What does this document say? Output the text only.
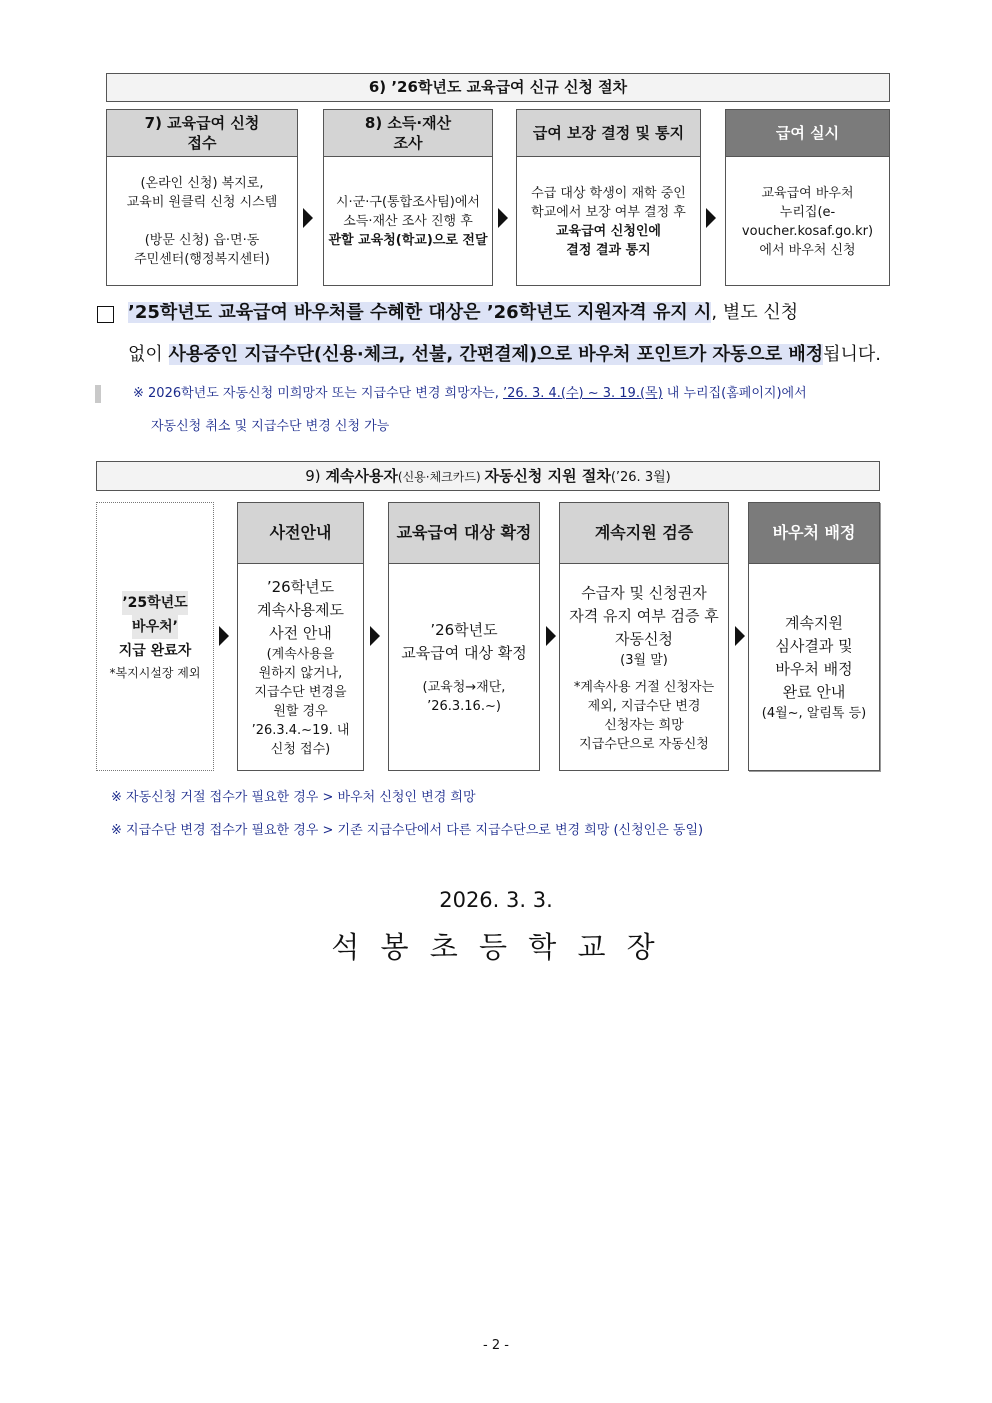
6) ’26학년도 교육급여 신규 신청 절차
7) 교육급여 신청
접수
(온라인 신청) 복지로,
교육비 원클릭 신청 시스템
(방문 신청) 읍·면·동
주민센터(행정복지센터)
8) 소득·재산
조사
시·군·구(통합조사팀)에서
소득·재산 조사 진행 후
관할 교육청(학교)으로 전달
급여 보장 결정 및 통지
수급 대상 학생이 재학 중인
학교에서 보장 여부 결정 후
교육급여 신청인에
결정 결과 통지
급여 실시
교육급여 바우처
누리집(e-voucher.kosaf.go.kr)
에서 바우처 신청
’25학년도 교육급여 바우처를 수혜한 대상은 ’26학년도 지원자격 유지 시, 별도 신청
없이 사용중인 지급수단(신용·체크, 선불, 간편결제)으로 바우처 포인트가 자동으로 배정됩니다.
※ 2026학년도 자동신청 미희망자 또는 지급수단 변경 희망자는, ’26. 3. 4.(수) ~ 3. 19.(목) 내 누리집(홈페이지)에서
자동신청 취소 및 지급수단 변경 신청 가능
9) 계속사용자(신용·체크카드) 자동신청 지원 절차(’26. 3월)
’25학년도
바우처’
지급 완료자
*복지시설장 제외
사전안내
’26학년도
계속사용제도
사전 안내
(계속사용을
원하지 않거나,
지급수단 변경을
원할 경우
’26.3.4.~19. 내
신청 접수)
교육급여 대상 확정
’26학년도
교육급여 대상 확정
(교육청→재단,
’26.3.16.~)
계속지원 검증
수급자 및 신청권자
자격 유지 여부 검증 후
자동신청
(3월 말)
*계속사용 거절 신청자는
제외, 지급수단 변경
신청자는 희망
지급수단으로 자동신청
바우처 배정
계속지원
심사결과 및
바우처 배정
완료 안내
(4월~, 알림톡 등)
※ 자동신청 거절 접수가 필요한 경우 > 바우처 신청인 변경 희망
※ 지급수단 변경 접수가 필요한 경우 > 기존 지급수단에서 다른 지급수단으로 변경 희망 (신청인은 동일)
2026. 3. 3.
석 봉 초 등 학 교 장
- 2 -
